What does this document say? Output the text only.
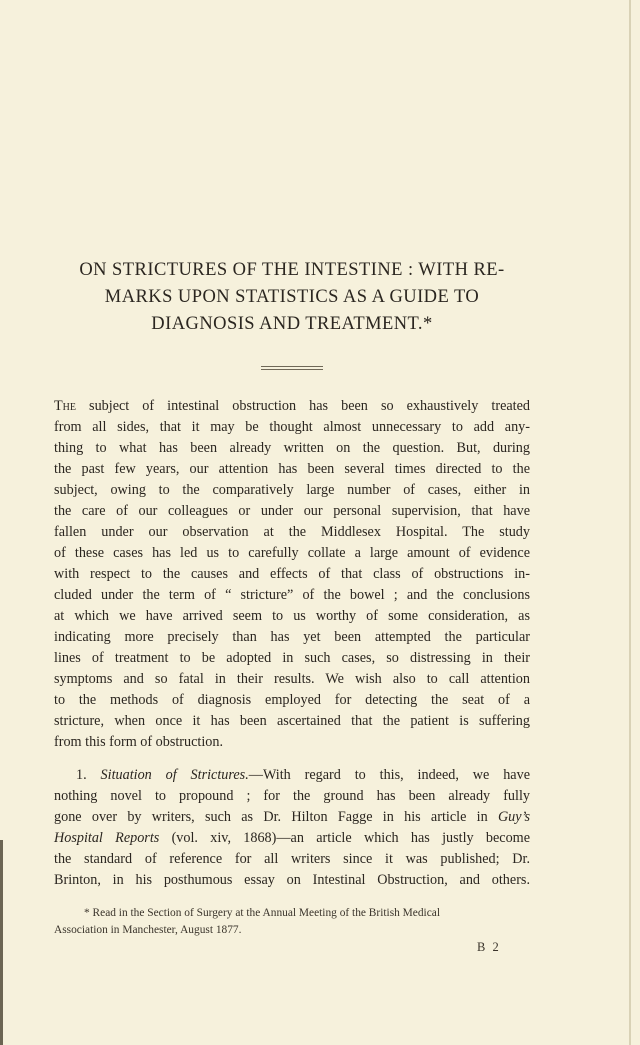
ON STRICTURES OF THE INTESTINE : WITH RE-
MARKS UPON STATISTICS AS A GUIDE TO
DIAGNOSIS AND TREATMENT.*
The subject of intestinal obstruction has been so exhaustively treated
from all sides, that it may be thought almost unnecessary to add any-
thing to what has been already written on the question. But, during
the past few years, our attention has been several times directed to the
subject, owing to the comparatively large number of cases, either in
the care of our colleagues or under our personal supervision, that have
fallen under our observation at the Middlesex Hospital. The study
of these cases has led us to carefully collate a large amount of evidence
with respect to the causes and effects of that class of obstructions in-
cluded under the term of “ stricture” of the bowel ; and the conclusions
at which we have arrived seem to us worthy of some consideration, as
indicating more precisely than has yet been attempted the particular
lines of treatment to be adopted in such cases, so distressing in their
symptoms and so fatal in their results. We wish also to call attention
to the methods of diagnosis employed for detecting the seat of a
stricture, when once it has been ascertained that the patient is suffering
from this form of obstruction.
1. Situation of Strictures.—With regard to this, indeed, we have
nothing novel to propound ; for the ground has been already fully
gone over by writers, such as Dr. Hilton Fagge in his article in Guy’s
Hospital Reports (vol. xiv, 1868)—an article which has justly become
the standard of reference for all writers since it was published; Dr.
Brinton, in his posthumous essay on Intestinal Obstruction, and others.
* Read in the Section of Surgery at the Annual Meeting of the British Medical
Association in Manchester, August 1877.
B 2
